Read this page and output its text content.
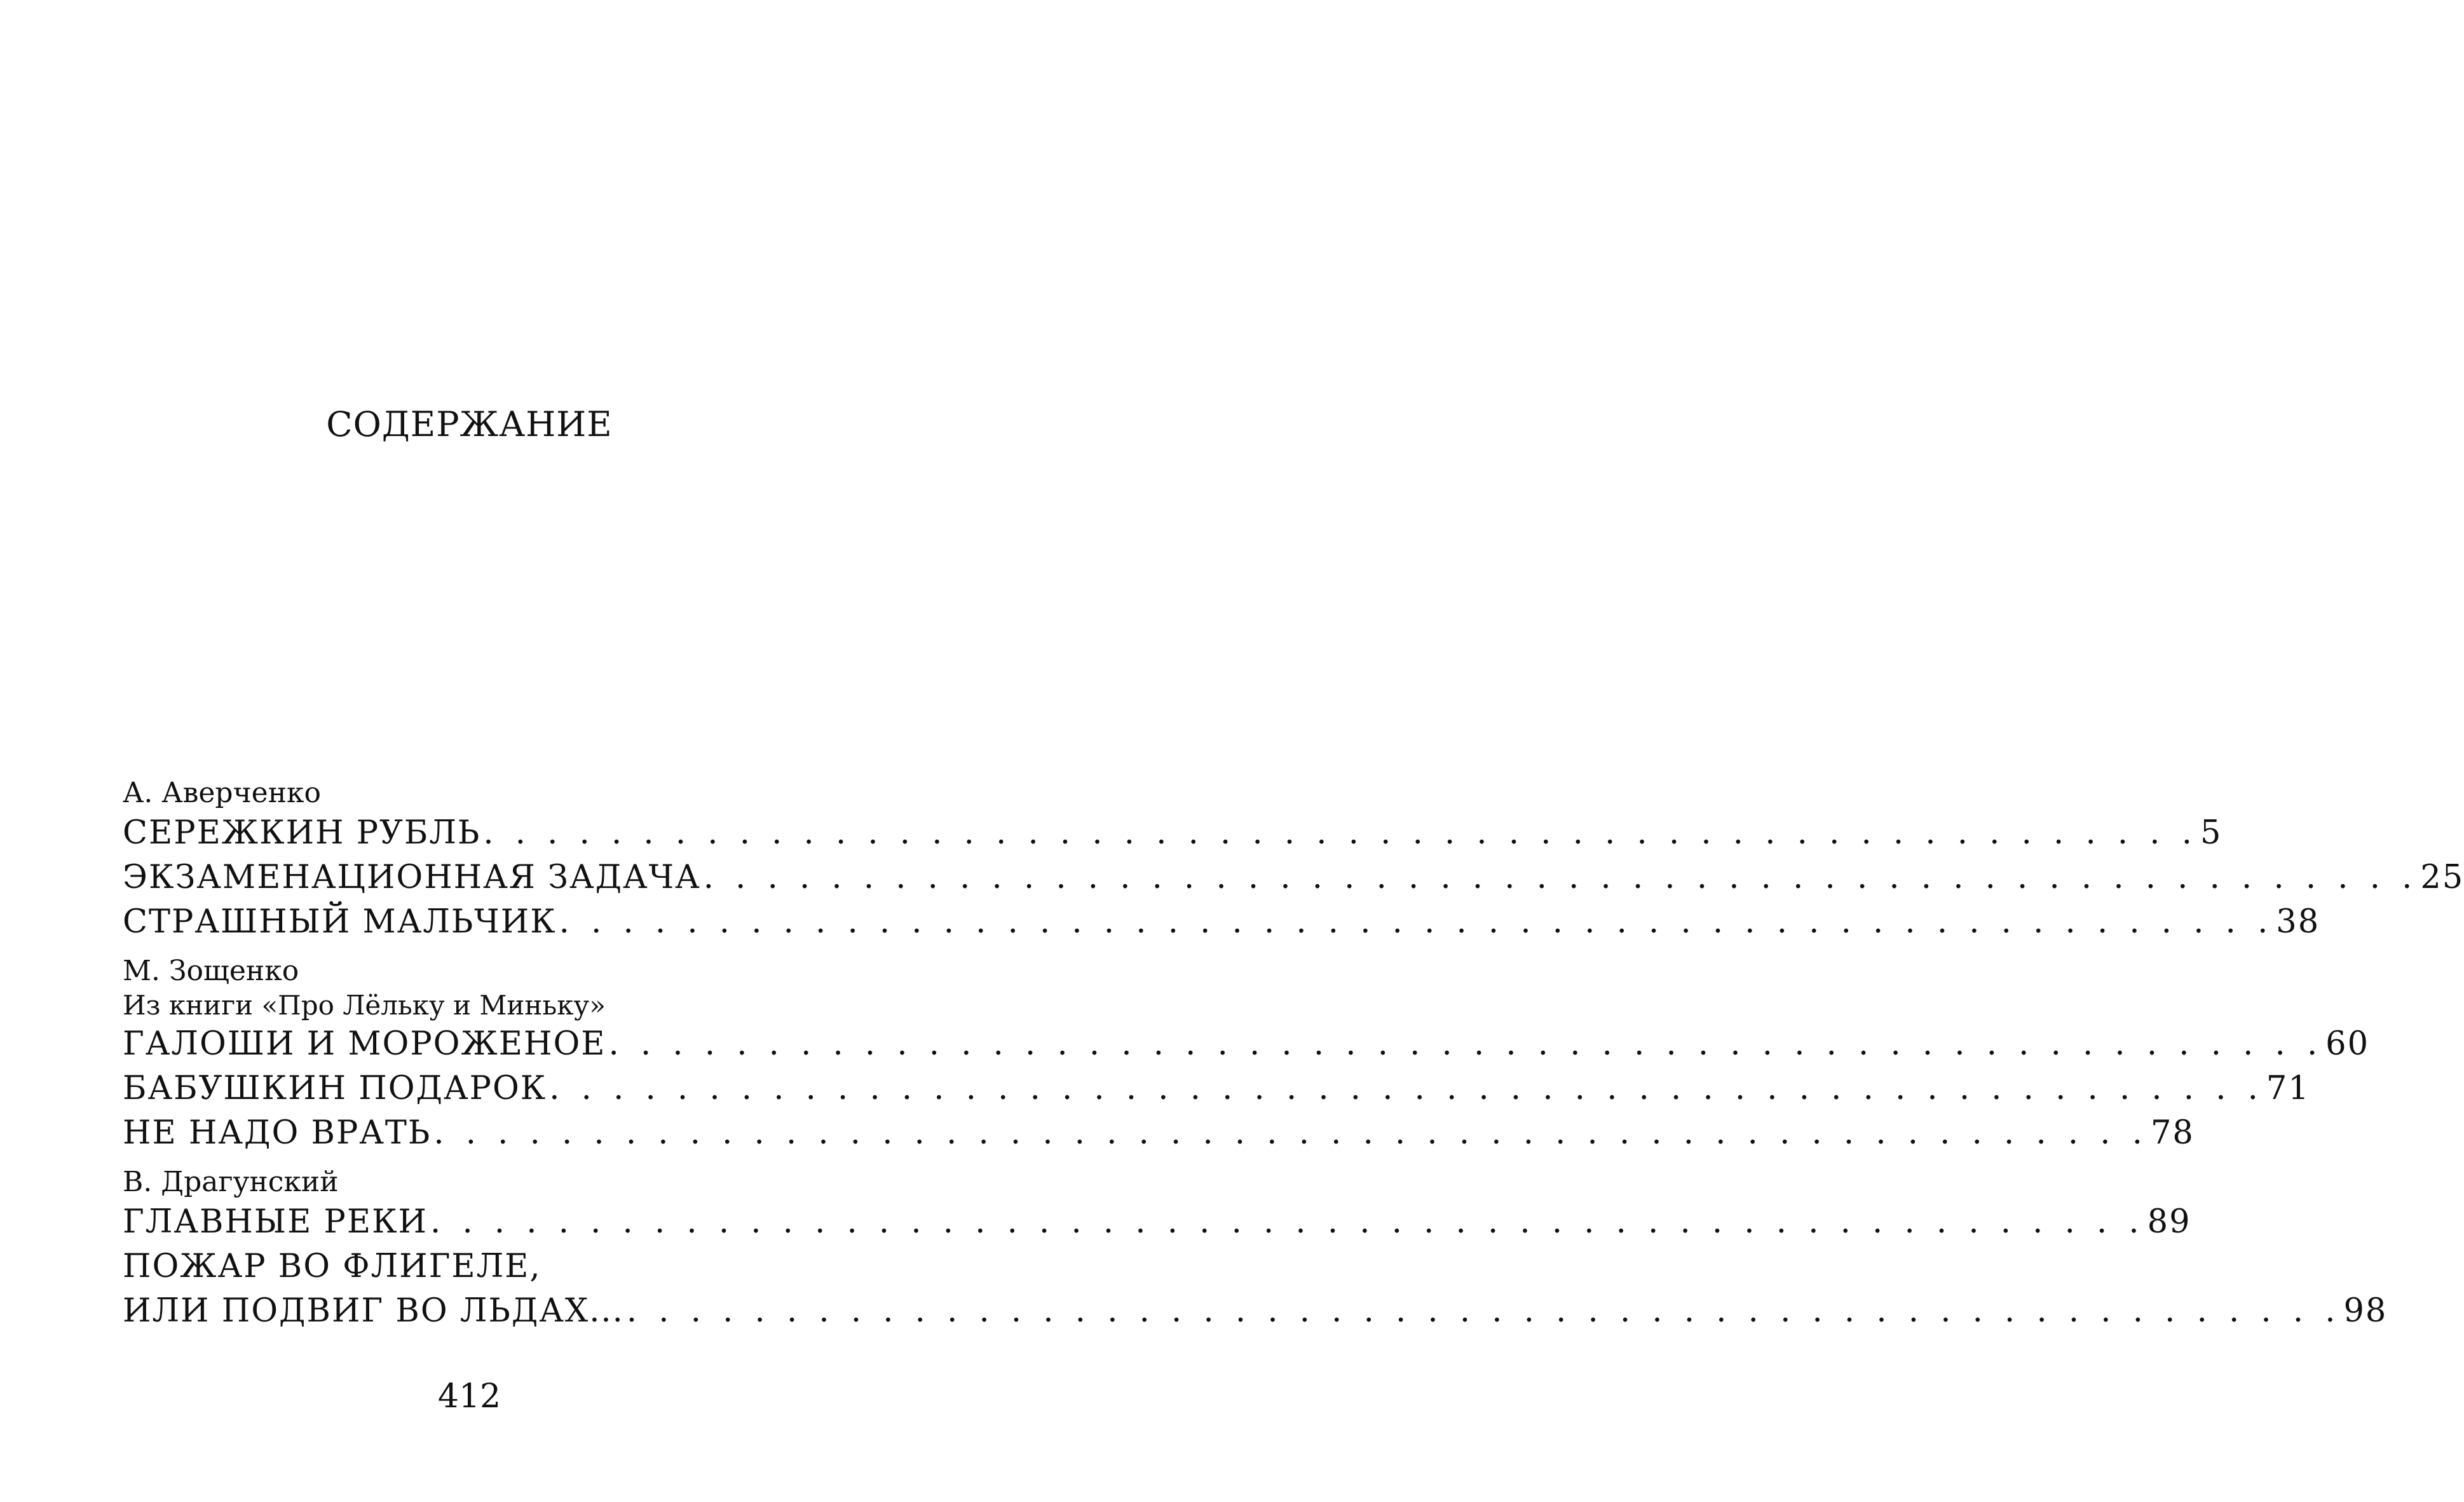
СОДЕРЖАНИЕ
А. Аверченко
СЕРЕЖКИН РУБЛЬ . . . . . . . . . . . . . . . . . . . . . . . . . . . . . . . . . . . . . . . . . . . . . . . . . . . . . . 5
ЭКЗАМЕНАЦИОННАЯ ЗАДАЧА . . . . . . . . . . . . . . . . . . . . . . . . . . . . . . . . . . . . . . . . . . . . . . . . . . . . . . 25
СТРАШНЫЙ МАЛЬЧИК . . . . . . . . . . . . . . . . . . . . . . . . . . . . . . . . . . . . . . . . . . . . . . . . . . . . . . 38
М. Зощенко
Из книги «Про Лёльку и Миньку»
ГАЛОШИ И МОРОЖЕНОЕ . . . . . . . . . . . . . . . . . . . . . . . . . . . . . . . . . . . . . . . . . . . . . . . . . . . . . . 60
БАБУШКИН ПОДАРОК . . . . . . . . . . . . . . . . . . . . . . . . . . . . . . . . . . . . . . . . . . . . . . . . . . . . . . 71
НЕ НАДО ВРАТЬ . . . . . . . . . . . . . . . . . . . . . . . . . . . . . . . . . . . . . . . . . . . . . . . . . . . . . . 78
В. Драгунский
ГЛАВНЫЕ РЕКИ . . . . . . . . . . . . . . . . . . . . . . . . . . . . . . . . . . . . . . . . . . . . . . . . . . . . . . 89
ПОЖАР ВО ФЛИГЕЛЕ,
ИЛИ ПОДВИГ ВО ЛЬДАХ... . . . . . . . . . . . . . . . . . . . . . . . . . . . . . . . . . . . . . . . . . . . . . . . . . . . . . . 98
412
